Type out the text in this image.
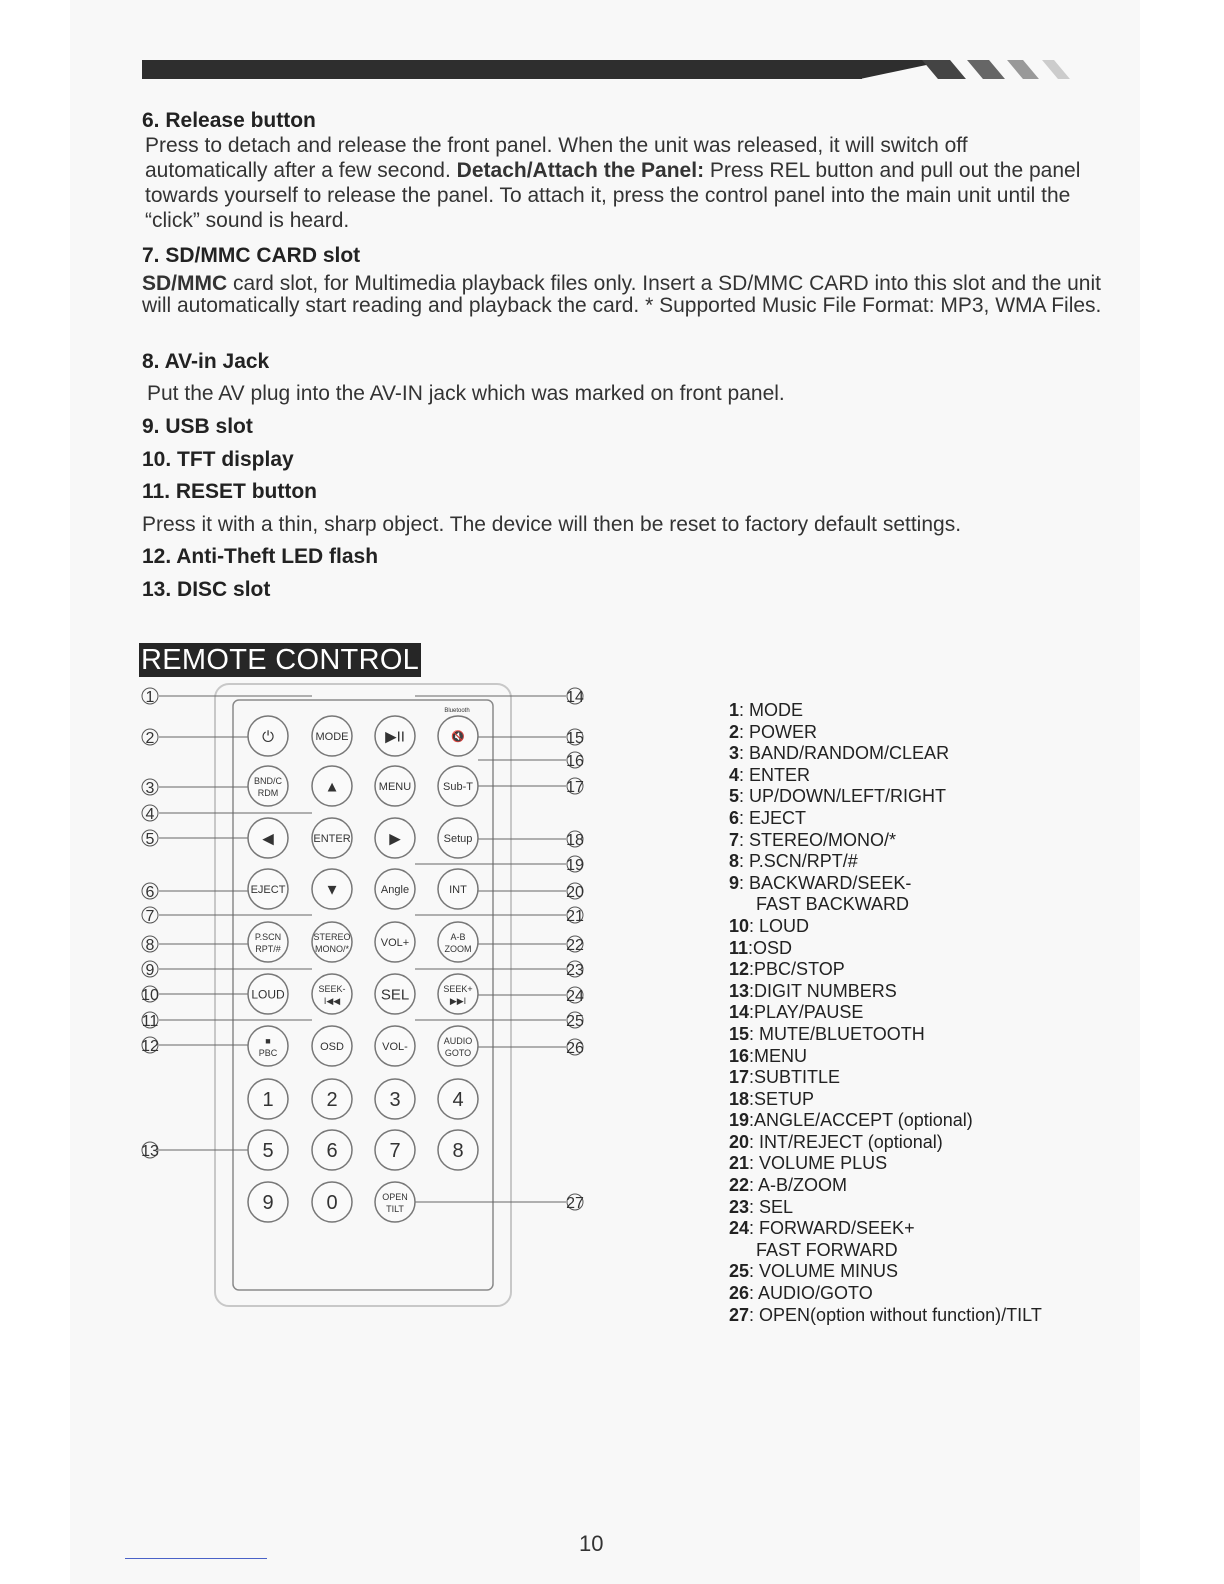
6. Release button
Press to detach and release the front panel. When the unit was released, it will switch off automatically after a few second. Detach/Attach the Panel: Press REL button and pull out the panel towards yourself to release the panel. To attach it, press the control panel into the main unit until the “click” sound is heard.
7. SD/MMC CARD slot
SD/MMC card slot, for Multimedia playback files only. Insert a SD/MMC CARD into this slot and the unit will automatically start reading and playback the card. * Supported Music File Format: MP3, WMA Files.
8. AV-in Jack
Put the AV plug into the AV-IN jack which was marked on front panel.
9. USB slot
10. TFT display
11. RESET button
Press it with a thin, sharp object. The device will then be reset to factory default settings.
12. Anti-Theft LED flash
13. DISC slot
REMOTE CONTROL
1
2
3
4
5
6
7
8
9
10
11
12
13
14
15
16
17
18
19
20
21
22
23
24
25
26
27
⏻	MODE ▶II	🔇
BND/C
RDM	▲	MENU	Sub-T
◀	ENTER	▶	Setup
EJECT	▼	Angle	INT
P.SCN
RPT/#
STEREO
MONO/*
VOL+	A-B
ZOOM
LOUD	SEEK-
I◀◀	SEL	SEEK+
▶▶I
■
PBC
OSD	VOL-	AUDIO
GOTO
1	2	3	4
5	6	7	8
9	0	OPEN
TILT
Bluetooth	1: MODE
2: POWER
3: BAND/RANDOM/CLEAR
4: ENTER
5: UP/DOWN/LEFT/RIGHT
6: EJECT
7: STEREO/MONO/*
8: P.SCN/RPT/#
9: BACKWARD/SEEK-
FAST BACKWARD
10: LOUD
11:OSD
12:PBC/STOP
13:DIGIT NUMBERS
14:PLAY/PAUSE
15: MUTE/BLUETOOTH
16:MENU
17:SUBTITLE
18:SETUP
19:ANGLE/ACCEPT (optional)
20: INT/REJECT (optional)
21: VOLUME PLUS
22: A-B/ZOOM
23: SEL
24: FORWARD/SEEK+
FAST FORWARD
25: VOLUME MINUS
26: AUDIO/GOTO
27: OPEN(option without function)/TILT
10
